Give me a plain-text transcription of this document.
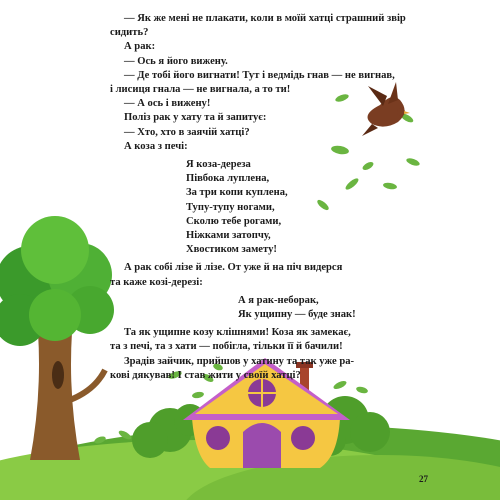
— Як же мені не плакати, коли в моїй хатці страшний звір

сидить?

А рак:

— Ось я його вижену.

— Де тобі його вигнати! Тут і ведмідь гнав — не вигнав,

і лисиця гнала — не вигнала, а то ти!

— А ось і вижену!

Поліз рак у хату та й запитує:

— Хто, хто в заячій хатці?

А коза з печі:

Я коза-дереза

Півбока луплена,

За три копи куплена,

Тупу-тупу ногами,

Сколю тебе рогами,

Ніжками затопчу,

Хвостиком замету!

А рак собі лізе й лізе. От уже й на піч видерся

та каже козі-дерезі:

А я рак-неборак,

Як ущипну — буде знак!

Та як ущипне козу клішнями! Коза як замекає,

та з печі, та з хати — побігла, тільки її й бачили!

Зрадів зайчик, прийшов у хатину та так уже ра-

кові дякував! І став жити у своїй хатці?

27
